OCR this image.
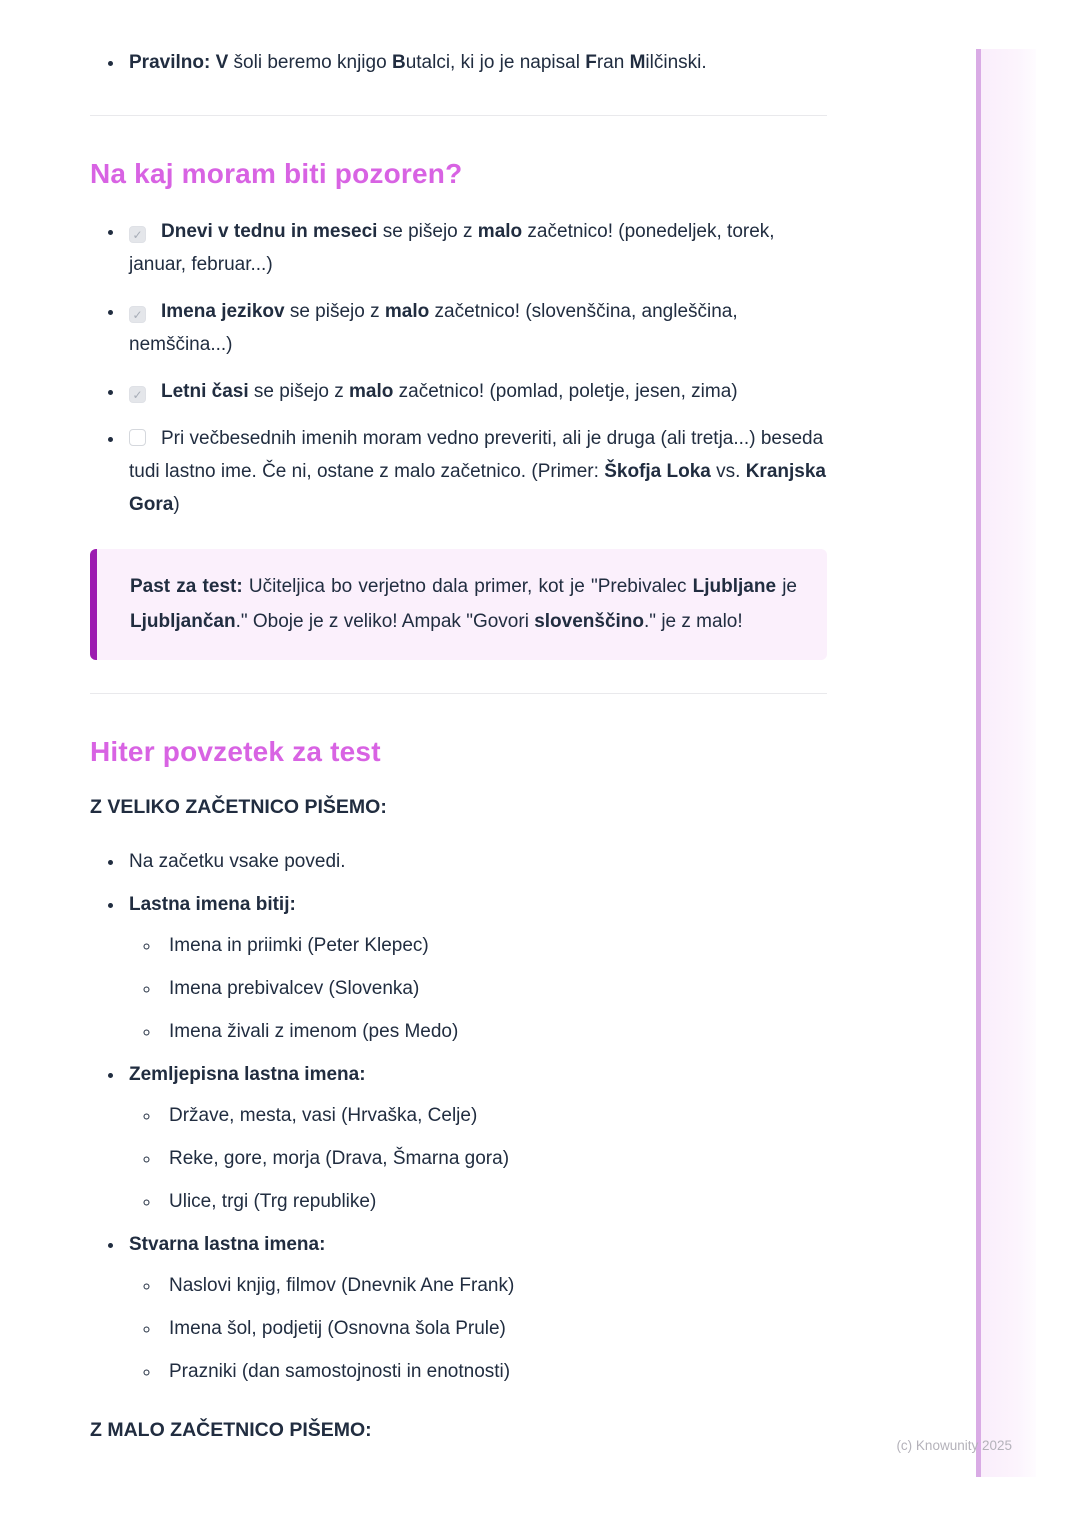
• Pravilno: V šoli beremo knjigo Butalci, ki jo je napisal Fran Milčinski.
Na kaj moram biti pozoren?
• ✓ Dnevi v tednu in meseci se pišejo z malo začetnico! (ponedeljek, torek, januar, februar...)
• ✓ Imena jezikov se pišejo z malo začetnico! (slovenščina, angleščina, nemščina...)
• ✓ Letni časi se pišejo z malo začetnico! (pomlad, poletje, jesen, zima)
• Pri večbesednih imenih moram vedno preveriti, ali je druga (ali tretja...) beseda tudi lastno ime. Če ni, ostane z malo začetnico. (Primer: Škofja Loka vs. Kranjska Gora)
Past za test: Učiteljica bo verjetno dala primer, kot je "Prebivalec Ljubljane je Ljubljančan." Oboje je z veliko! Ampak "Govori slovenščino." je z malo!
Hiter povzetek za test
Z VELIKO ZAČETNICO PIŠEMO:
• Na začetku vsake povedi.
• Lastna imena bitij:
◦ Imena in priimki (Peter Klepec)
◦ Imena prebivalcev (Slovenka)
◦ Imena živali z imenom (pes Medo)
• Zemljepisna lastna imena:
◦ Države, mesta, vasi (Hrvaška, Celje)
◦ Reke, gore, morja (Drava, Šmarna gora)
◦ Ulice, trgi (Trg republike)
• Stvarna lastna imena:
◦ Naslovi knjig, filmov (Dnevnik Ane Frank)
◦ Imena šol, podjetij (Osnovna šola Prule)
◦ Prazniki (dan samostojnosti in enotnosti)
Z MALO ZAČETNICO PIŠEMO:
(c) Knowunity 2025
